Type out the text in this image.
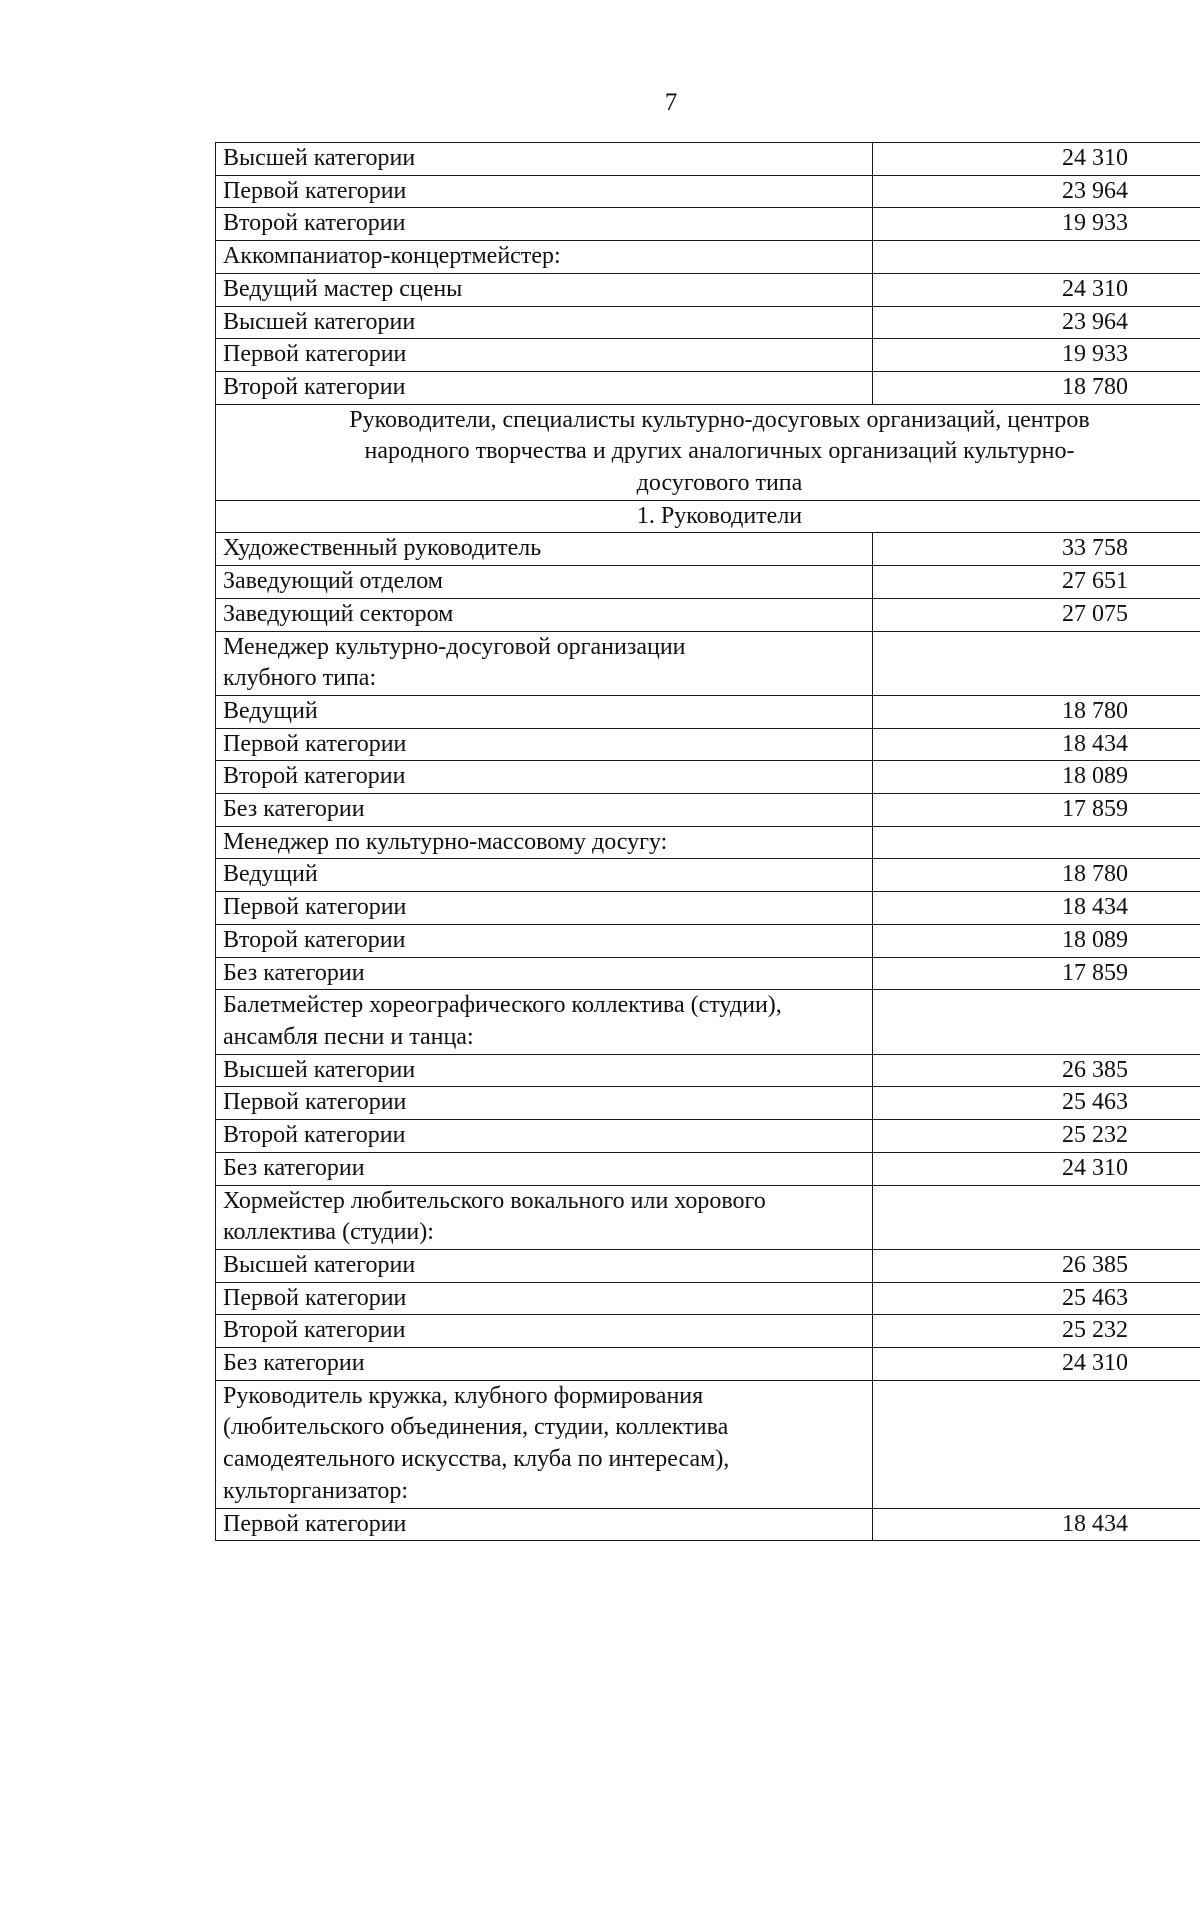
7
Высшей категории	24 310
Первой категории	23 964
Второй категории	19 933
Аккомпаниатор-концертмейстер:	
Ведущий мастер сцены	24 310
Высшей категории	23 964
Первой категории	19 933
Второй категории	18 780
Руководители, специалисты культурно-досуговых организаций, центров
народного творчества и других аналогичных организаций культурно-
досугового типа	
1. Руководители	
Художественный руководитель	33 758
Заведующий отделом	27 651
Заведующий сектором	27 075
Менеджер культурно-досуговой организации
клубного типа:	
Ведущий	18 780
Первой категории	18 434
Второй категории	18 089
Без категории	17 859
Менеджер по культурно-массовому досугу:	
Ведущий	18 780
Первой категории	18 434
Второй категории	18 089
Без категории	17 859
Балетмейстер хореографического коллектива (студии),
ансамбля песни и танца:	
Высшей категории	26 385
Первой категории	25 463
Второй категории	25 232
Без категории	24 310
Хормейстер любительского вокального или хорового
коллектива (студии):	
Высшей категории	26 385
Первой категории	25 463
Второй категории	25 232
Без категории	24 310
Руководитель кружка, клубного формирования
(любительского объединения, студии, коллектива
самодеятельного искусства, клуба по интересам),
культорганизатор:	
Первой категории	18 434
